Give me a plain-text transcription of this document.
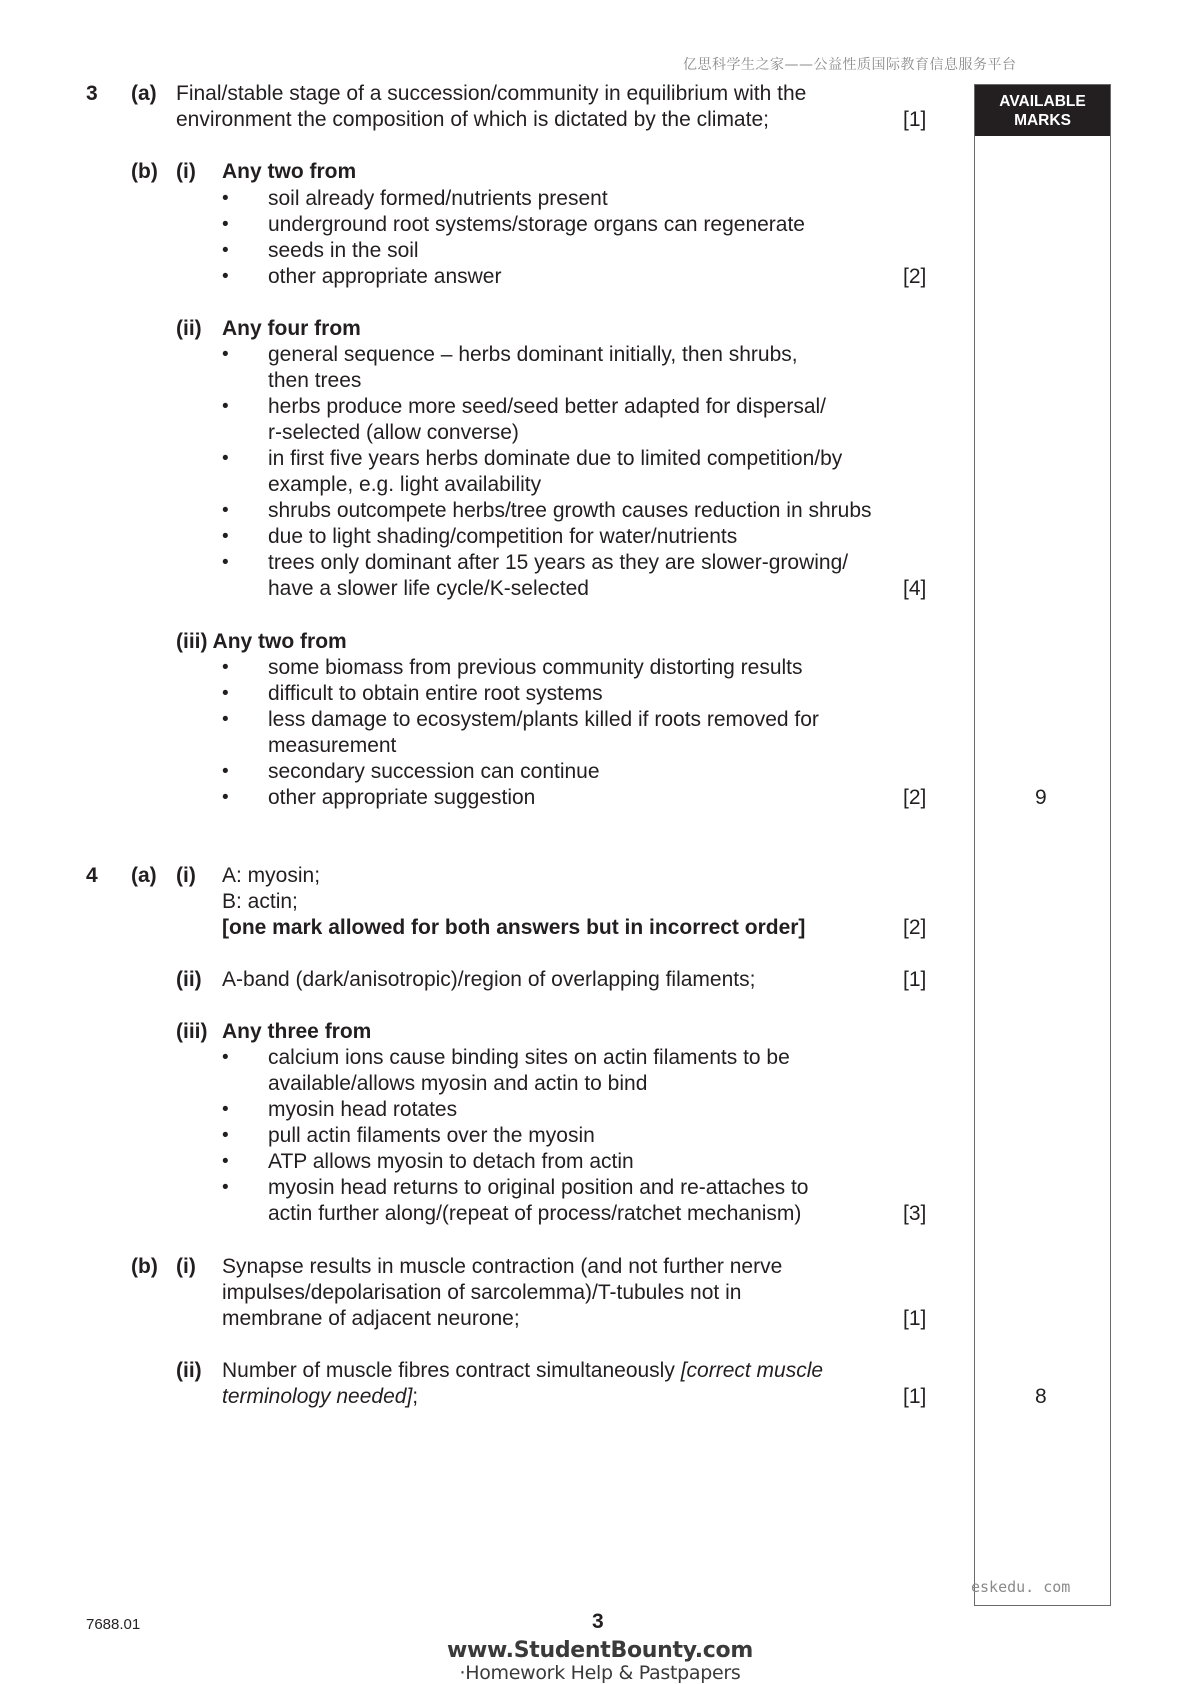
亿思科学生之家——公益性质国际教育信息服务平台
AVAILABLE
MARKS
3 (a) Final/stable stage of a succession/community in equilibrium with the
environment the composition of which is dictated by the climate;	[1]
(b) (i) Any two from
• soil already formed/nutrients present
• underground root systems/storage organs can regenerate
• seeds in the soil
• other appropriate answer	[2]
(ii) Any four from
• general sequence – herbs dominant initially, then shrubs,
then trees
• herbs produce more seed/seed better adapted for dispersal/
r-selected (allow converse)
• in first five years herbs dominate due to limited competition/by
example, e.g. light availability
• shrubs outcompete herbs/tree growth causes reduction in shrubs
• due to light shading/competition for water/nutrients
• trees only dominant after 15 years as they are slower-growing/
have a slower life cycle/K-selected	[4]
(iii) Any two from
• some biomass from previous community distorting results
• difficult to obtain entire root systems
• less damage to ecosystem/plants killed if roots removed for
measurement
• secondary succession can continue
• other appropriate suggestion	[2]	9
4 (a) (i) A: myosin;
B: actin;
[one mark allowed for both answers but in incorrect order]	[2]
(ii) A-band (dark/anisotropic)/region of overlapping filaments;	[1]
(iii) Any three from
• calcium ions cause binding sites on actin filaments to be
available/allows myosin and actin to bind
• myosin head rotates
• pull actin filaments over the myosin
• ATP allows myosin to detach from actin
• myosin head returns to original position and re-attaches to
actin further along/(repeat of process/ratchet mechanism)	[3]
(b) (i) Synapse results in muscle contraction (and not further nerve
impulses/depolarisation of sarcolemma)/T-tubules not in
membrane of adjacent neurone;	[1]
(ii) Number of muscle fibres contract simultaneously [correct muscle
terminology needed];	[1]	8
eskedu. com
7688.01	3
www.StudentBounty.com
·Homework Help & Pastpapers
